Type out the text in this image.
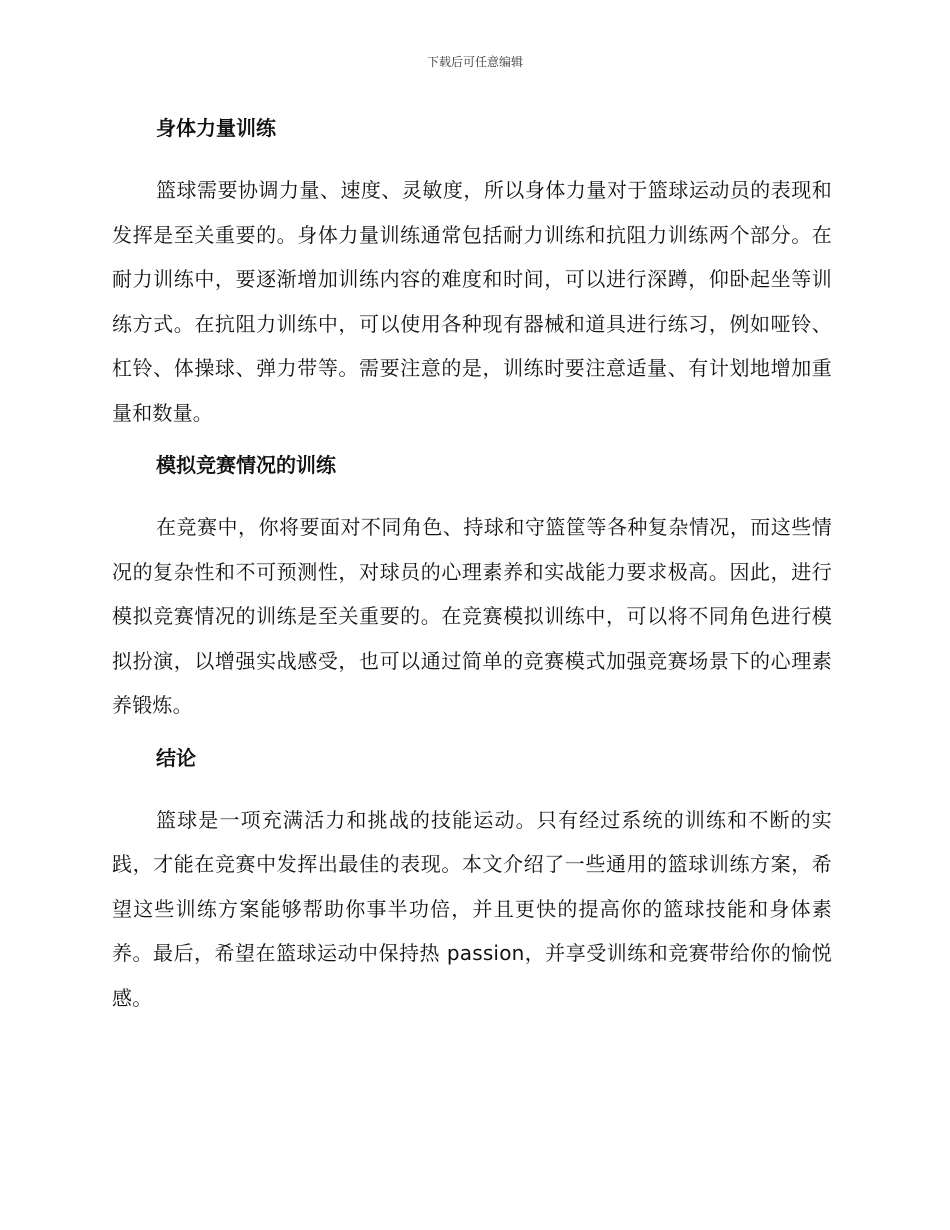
下载后可任意编辑
身体力量训练

篮球需要协调力量、速度、灵敏度，所以身体力量对于篮球运动员的表现和发挥是至关重要的。身体力量训练通常包括耐力训练和抗阻力训练两个部分。在耐力训练中，要逐渐增加训练内容的难度和时间，可以进行深蹲，仰卧起坐等训练方式。在抗阻力训练中，可以使用各种现有器械和道具进行练习，例如哑铃、杠铃、体操球、弹力带等。需要注意的是，训练时要注意适量、有计划地增加重量和数量。

模拟竞赛情况的训练

在竞赛中，你将要面对不同角色、持球和守篮筐等各种复杂情况，而这些情况的复杂性和不可预测性，对球员的心理素养和实战能力要求极高。因此，进行模拟竞赛情况的训练是至关重要的。在竞赛模拟训练中，可以将不同角色进行模拟扮演，以增强实战感受，也可以通过简单的竞赛模式加强竞赛场景下的心理素养锻炼。

结论

篮球是一项充满活力和挑战的技能运动。只有经过系统的训练和不断的实践，才能在竞赛中发挥出最佳的表现。本文介绍了一些通用的篮球训练方案，希望这些训练方案能够帮助你事半功倍，并且更快的提高你的篮球技能和身体素养。最后，希望在篮球运动中保持热 passion，并享受训练和竞赛带给你的愉悦感。
